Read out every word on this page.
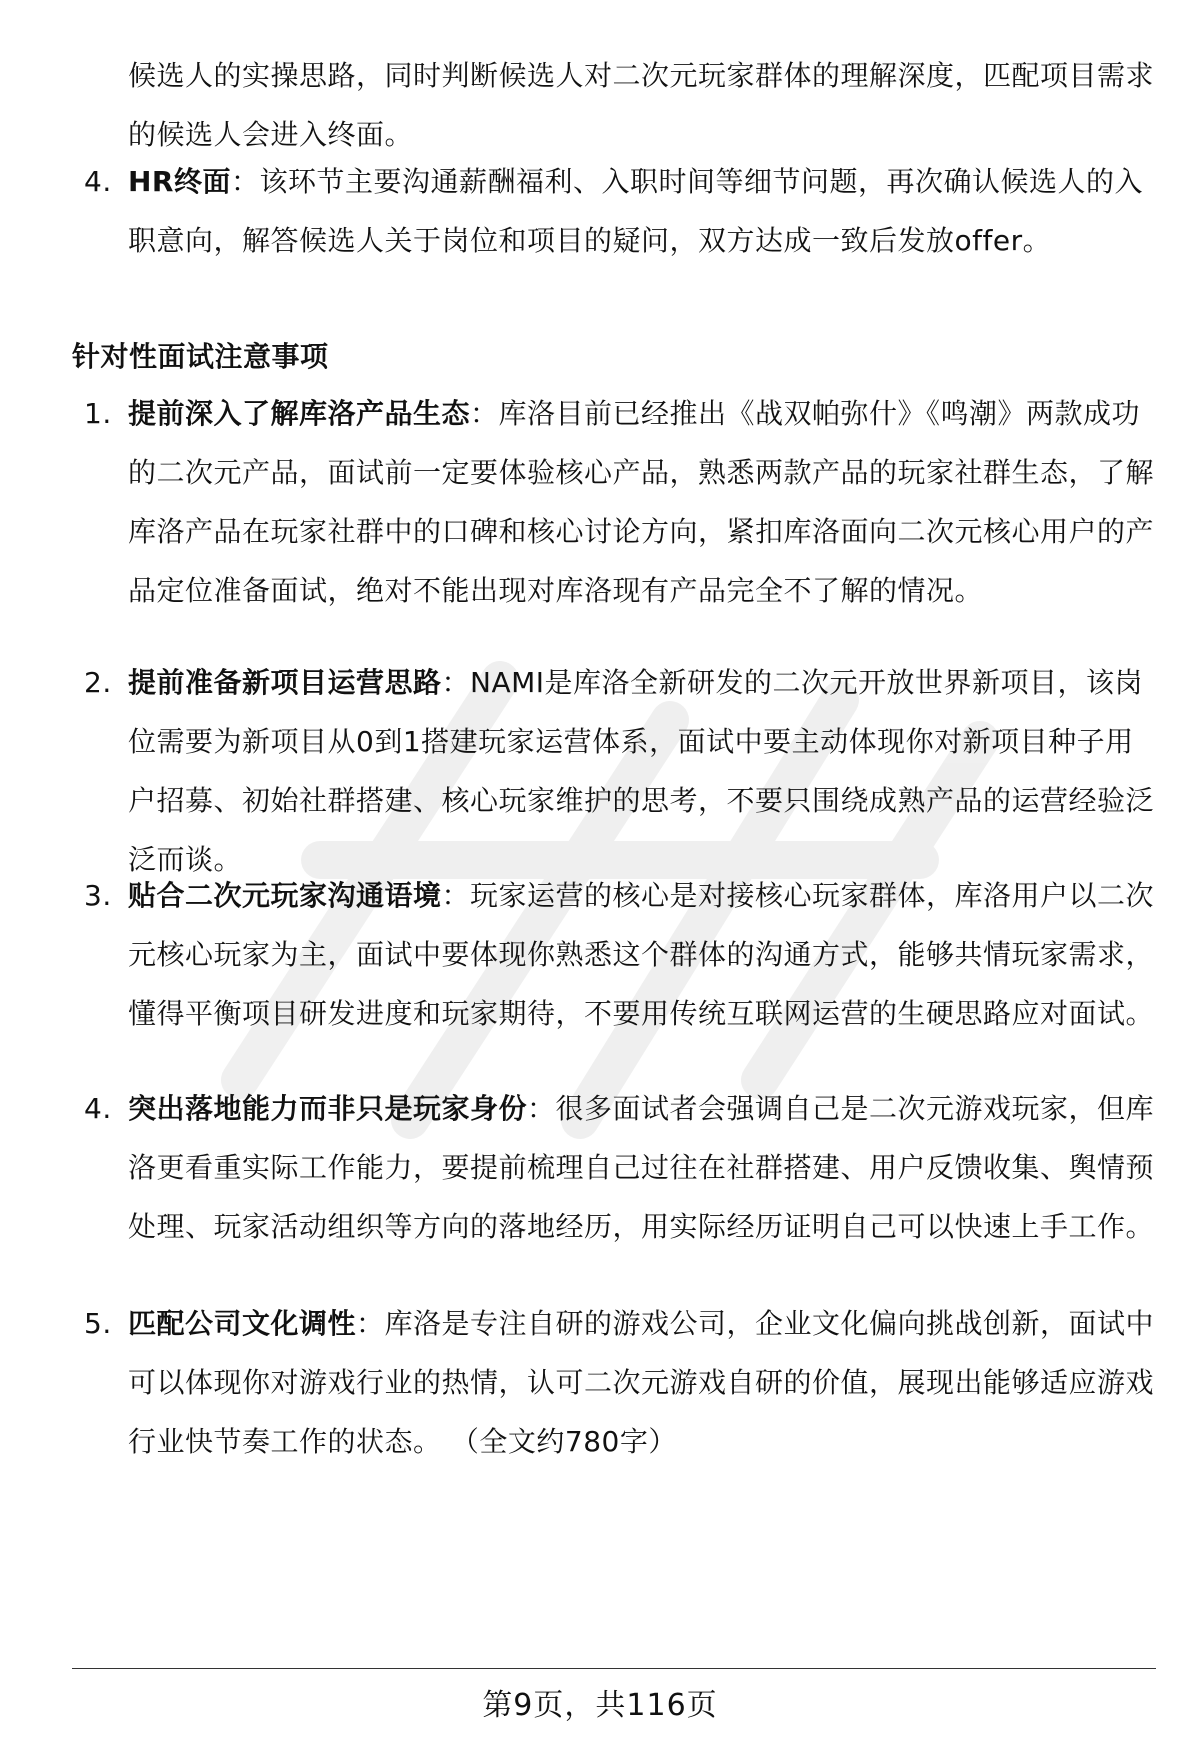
候选人的实操思路，同时判断候选人对二次元玩家群体的理解深度，匹配项目需求的候选人会进入终面。
4. HR终面：该环节主要沟通薪酬福利、入职时间等细节问题，再次确认候选人的入职意向，解答候选人关于岗位和项目的疑问，双方达成一致后发放offer。
针对性面试注意事项
1. 提前深入了解库洛产品生态：库洛目前已经推出《战双帕弥什》《鸣潮》两款成功的二次元产品，面试前一定要体验核心产品，熟悉两款产品的玩家社群生态，了解库洛产品在玩家社群中的口碑和核心讨论方向，紧扣库洛面向二次元核心用户的产品定位准备面试，绝对不能出现对库洛现有产品完全不了解的情况。
2. 提前准备新项目运营思路：NAMI是库洛全新研发的二次元开放世界新项目，该岗位需要为新项目从0到1搭建玩家运营体系，面试中要主动体现你对新项目种子用户招募、初始社群搭建、核心玩家维护的思考，不要只围绕成熟产品的运营经验泛泛而谈。
3. 贴合二次元玩家沟通语境：玩家运营的核心是对接核心玩家群体，库洛用户以二次元核心玩家为主，面试中要体现你熟悉这个群体的沟通方式，能够共情玩家需求，懂得平衡项目研发进度和玩家期待，不要用传统互联网运营的生硬思路应对面试。
4. 突出落地能力而非只是玩家身份：很多面试者会强调自己是二次元游戏玩家，但库洛更看重实际工作能力，要提前梳理自己过往在社群搭建、用户反馈收集、舆情预处理、玩家活动组织等方向的落地经历，用实际经历证明自己可以快速上手工作。
5. 匹配公司文化调性：库洛是专注自研的游戏公司，企业文化偏向挑战创新，面试中可以体现你对游戏行业的热情，认可二次元游戏自研的价值，展现出能够适应游戏行业快节奏工作的状态。 （全文约780字）
第9页，共116页
